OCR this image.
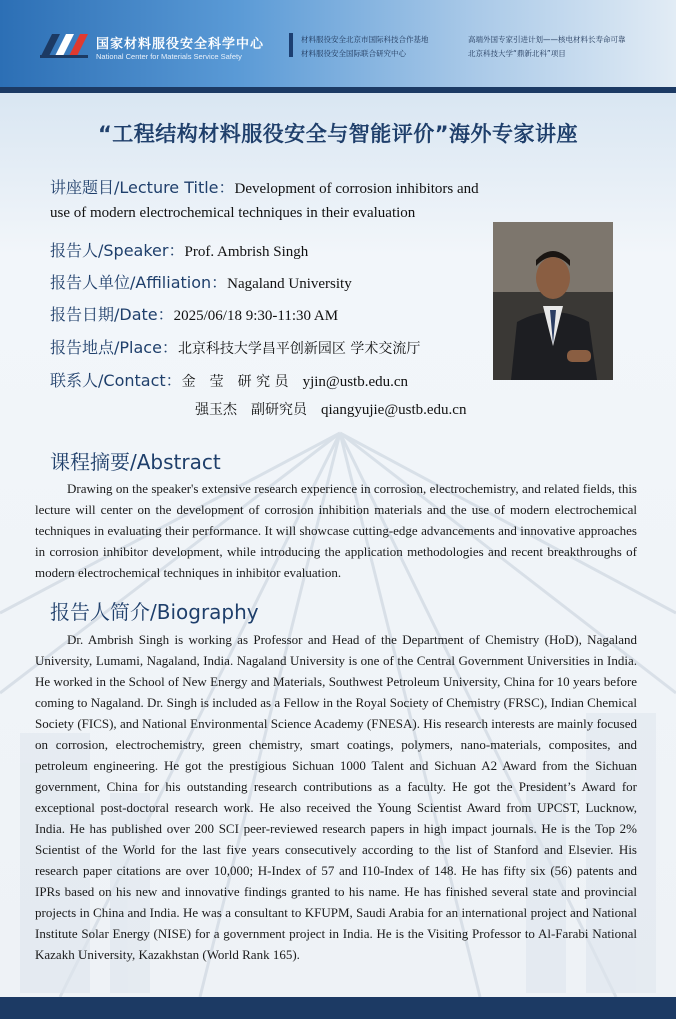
国家材料服役安全科学中心
National Center for Materials Service Safety
材料服役安全北京市国际科技合作基地
材料服役安全国际联合研究中心
高端外国专家引进计划——核电材料长寿命可靠
北京科技大学“鼎新北科”项目
“工程结构材料服役安全与智能评价”海外专家讲座
讲座题目/Lecture Title：Development of corrosion inhibitors and
use of modern electrochemical techniques in their evaluation
报告人/Speaker：Prof. Ambrish Singh
报告人单位/Affiliation：Nagaland University
报告日期/Date：2025/06/18 9:30-11:30 AM
报告地点/Place：北京科技大学昌平创新园区 学术交流厅
联系人/Contact：金　莹　研 究 员 yjin@ustb.edu.cn
强玉杰　副研究员 qiangyujie@ustb.edu.cn
课程摘要/Abstract
Drawing on the speaker's extensive research experience in corrosion, electrochemistry, and related fields, this lecture will center on the development of corrosion inhibition materials and the use of modern electrochemical techniques in evaluating their performance. It will showcase cutting-edge advancements and innovative approaches in corrosion inhibitor development, while introducing the application methodologies and recent breakthroughs of modern electrochemical techniques in inhibitor evaluation.
报告人简介/Biography
Dr. Ambrish Singh is working as Professor and Head of the Department of Chemistry (HoD), Nagaland University, Lumami, Nagaland, India. Nagaland University is one of the Central Government Universities in India. He worked in the School of New Energy and Materials, Southwest Petroleum University, China for 10 years before coming to Nagaland. Dr. Singh is included as a Fellow in the Royal Society of Chemistry (FRSC), Indian Chemical Society (FICS), and National Environmental Science Academy (FNESA). His research interests are mainly focused on corrosion, electrochemistry, green chemistry, smart coatings, polymers, nano-materials, composites, and petroleum engineering. He got the prestigious Sichuan 1000 Talent and Sichuan A2 Award from the Sichuan government, China for his outstanding research contributions as a faculty. He got the President’s Award for exceptional post-doctoral research work. He also received the Young Scientist Award from UPCST, Lucknow, India. He has published over 200 SCI peer-reviewed research papers in high impact journals. He is the Top 2% Scientist of the World for the last five years consecutively according to the list of Stanford and Elsevier. His research paper citations are over 10,000; H-Index of 57 and I10-Index of 148. He has fifty six (56) patents and IPRs based on his new and innovative findings granted to his name. He has finished several state and provincial projects in China and India. He was a consultant to KFUPM, Saudi Arabia for an international project and National Institute Solar Energy (NISE) for a government project in India. He is the Visiting Professor to Al-Farabi National Kazakh University, Kazakhstan (World Rank 165).
